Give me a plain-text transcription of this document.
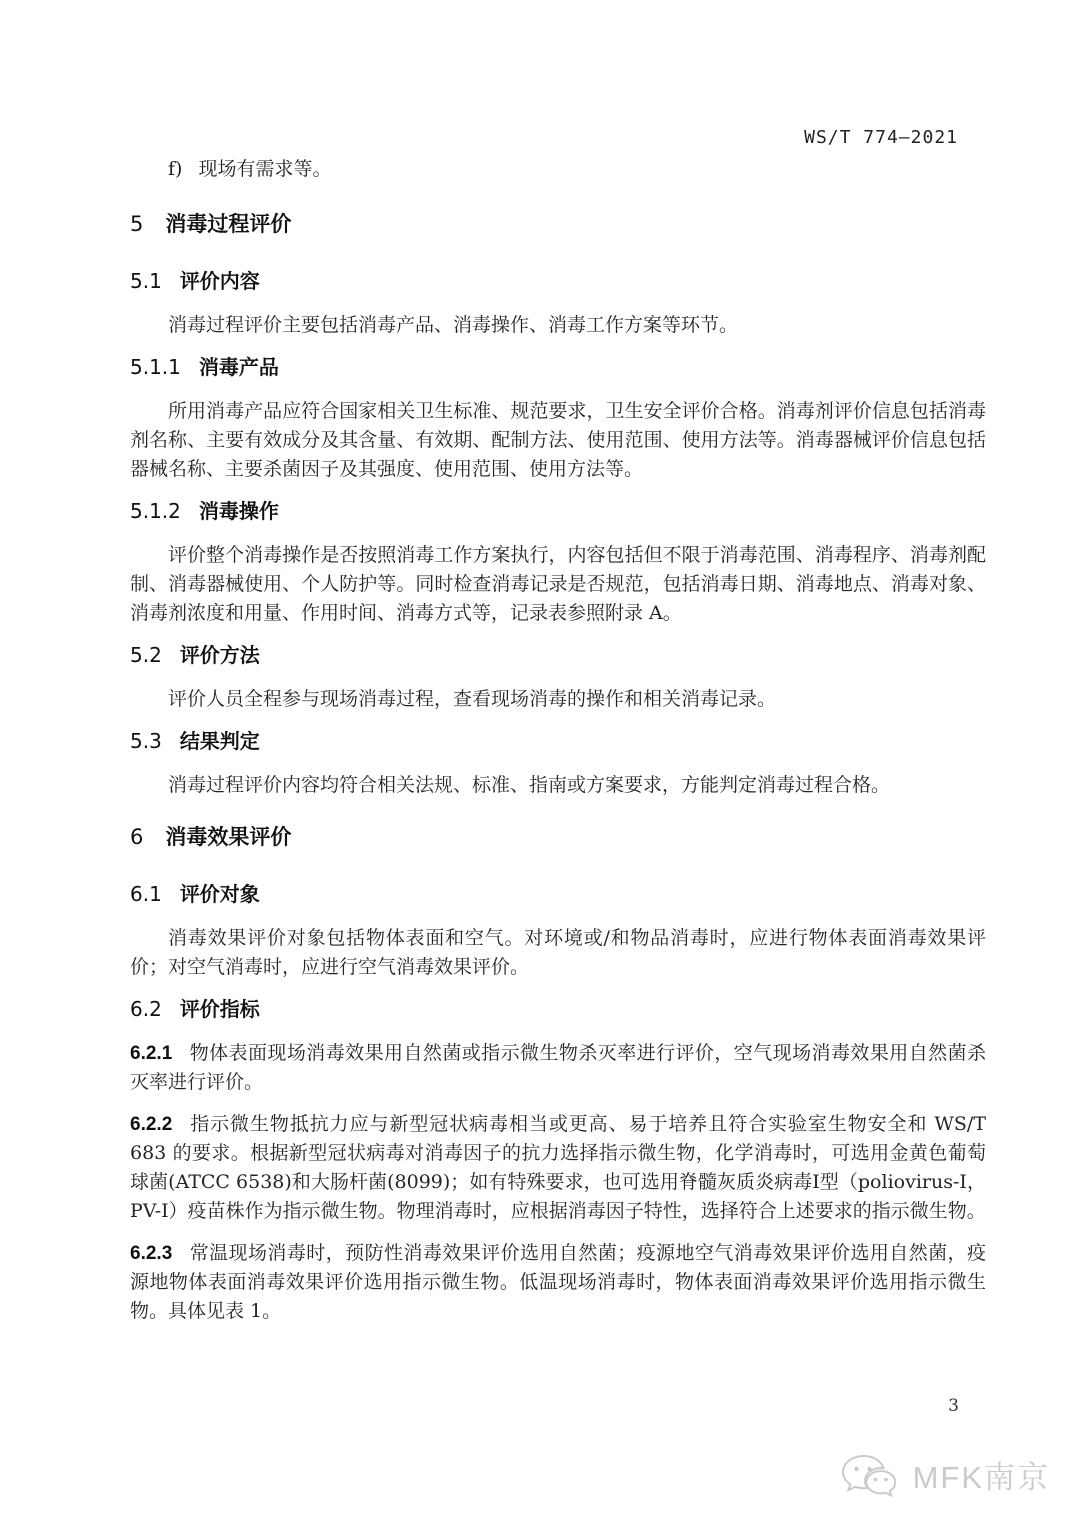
WS/T 774—2021
f) 现场有需求等。
5 消毒过程评价
5.1 评价内容

消毒过程评价主要包括消毒产品、消毒操作、消毒工作方案等环节。

5.1.1 消毒产品

所用消毒产品应符合国家相关卫生标准、规范要求，卫生安全评价合格。消毒剂评价信息包括消毒剂名称、主要有效成分及其含量、有效期、配制方法、使用范围、使用方法等。消毒器械评价信息包括器械名称、主要杀菌因子及其强度、使用范围、使用方法等。

5.1.2 消毒操作

评价整个消毒操作是否按照消毒工作方案执行，内容包括但不限于消毒范围、消毒程序、消毒剂配制、消毒器械使用、个人防护等。同时检查消毒记录是否规范，包括消毒日期、消毒地点、消毒对象、消毒剂浓度和用量、作用时间、消毒方式等，记录表参照附录 A。

5.2 评价方法

评价人员全程参与现场消毒过程，查看现场消毒的操作和相关消毒记录。

5.3 结果判定

消毒过程评价内容均符合相关法规、标准、指南或方案要求，方能判定消毒过程合格。

6 消毒效果评价
6.1 评价对象

消毒效果评价对象包括物体表面和空气。对环境或/和物品消毒时，应进行物体表面消毒效果评价；对空气消毒时，应进行空气消毒效果评价。

6.2 评价指标

6.2.1 物体表面现场消毒效果用自然菌或指示微生物杀灭率进行评价，空气现场消毒效果用自然菌杀灭率进行评价。

6.2.2 指示微生物抵抗力应与新型冠状病毒相当或更高、易于培养且符合实验室生物安全和 WS/T 683 的要求。根据新型冠状病毒对消毒因子的抗力选择指示微生物，化学消毒时，可选用金黄色葡萄球菌(ATCC 6538)和大肠杆菌(8099)；如有特殊要求，也可选用脊髓灰质炎病毒Ⅰ型（poliovirus-Ⅰ，PV-Ⅰ）疫苗株作为指示微生物。物理消毒时，应根据消毒因子特性，选择符合上述要求的指示微生物。

6.2.3 常温现场消毒时，预防性消毒效果评价选用自然菌；疫源地空气消毒效果评价选用自然菌，疫源地物体表面消毒效果评价选用指示微生物。低温现场消毒时，物体表面消毒效果评价选用指示微生物。具体见表 1。

3
MFK南京
